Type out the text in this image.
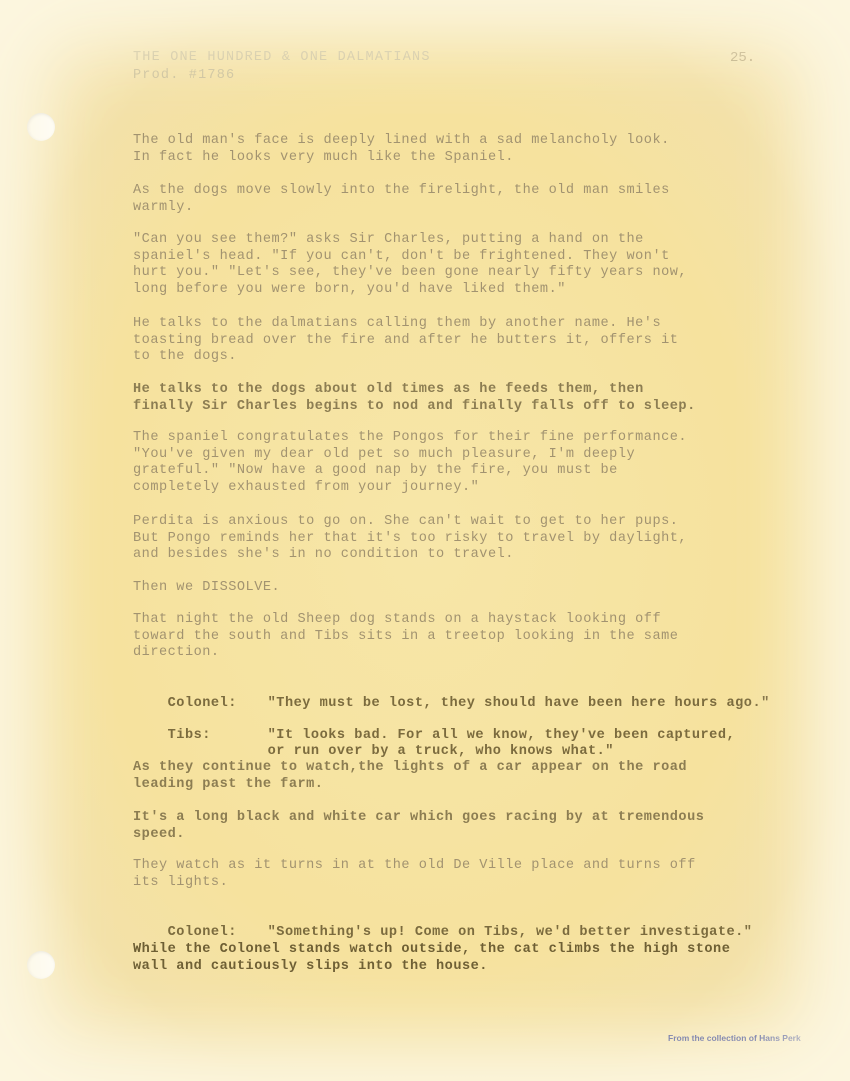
THE ONE HUNDRED & ONE DALMATIANS
Prod. #1786
25.

The old man's face is deeply lined with a sad melancholy look.
In fact he looks very much like the Spaniel.

As the dogs move slowly into the firelight, the old man smiles
warmly.

"Can you see them?" asks Sir Charles, putting a hand on the
spaniel's head. "If you can't, don't be frightened. They won't
hurt you." "Let's see, they've been gone nearly fifty years now,
long before you were born, you'd have liked them."

He talks to the dalmatians calling them by another name. He's
toasting bread over the fire and after he butters it, offers it
to the dogs.

He talks to the dogs about old times as he feeds them, then
finally Sir Charles begins to nod and finally falls off to sleep.

The spaniel congratulates the Pongos for their fine performance.
"You've given my dear old pet so much pleasure, I'm deeply
grateful." "Now have a good nap by the fire, you must be
completely exhausted from your journey."

Perdita is anxious to go on. She can't wait to get to her pups.
But Pongo reminds her that it's too risky to travel by daylight,
and besides she's in no condition to travel.

Then we DISSOLVE.

That night the old Sheep dog stands on a haystack looking off
toward the south and Tibs sits in a treetop looking in the same
direction.

Colonel: "They must be lost, they should have been here hours ago."

Tibs:	"It looks bad. For all we know, they've been captured,
or run over by a truck, who knows what."

As they continue to watch,the lights of a car appear on the road
leading past the farm.

It's a long black and white car which goes racing by at tremendous
speed.

They watch as it turns in at the old De Ville place and turns off
its lights.

Colonel: "Something's up! Come on Tibs, we'd better investigate."

While the Colonel stands watch outside, the cat climbs the high stone
wall and cautiously slips into the house.

From the collection of Hans Perk
